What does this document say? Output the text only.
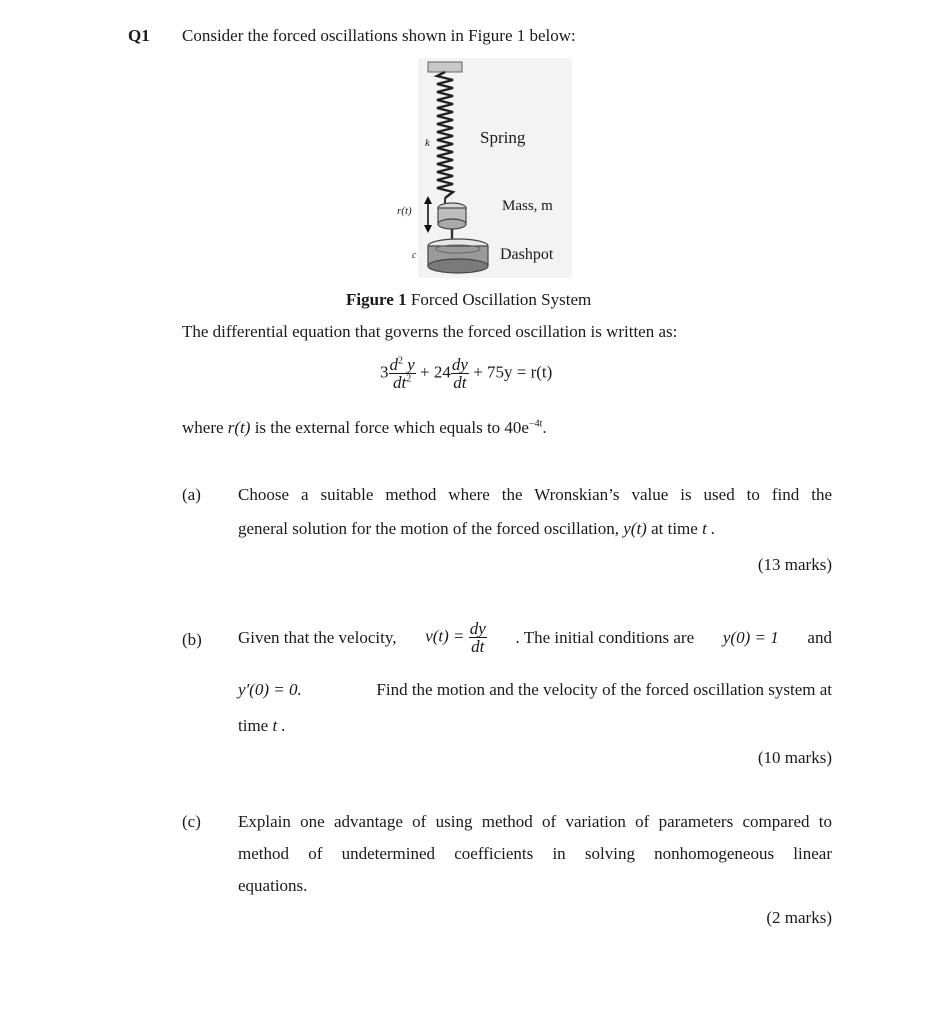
Q1 Consider the forced oscillations shown in Figure 1 below:
k	Spring
r(t)	Mass, m
c	Dashpot
Figure 1 Forced Oscillation System
The differential equation that governs the forced oscillation is written as:
$3 \frac{d^2 y}{dt^2} + 24 \frac{dy}{dt} + 75y = r(t)$
where r(t) is the external force which equals to $40e^{-4t}$.
(a) Choose a suitable method where the Wronskian’s value is used to find the
general solution for the motion of the forced oscillation, y(t) at time t .
(13 marks)
(b) Given that the velocity, $v(t) = \frac{dy}{dt}$ . The initial conditions are y(0) = 1 and
y'(0) = 0.	Find the motion and the velocity of the forced oscillation system at
time t .
(10 marks)
(c) Explain one advantage of using method of variation of parameters compared to
method of undetermined coefficients in solving nonhomogeneous linear
equations.
(2 marks)
